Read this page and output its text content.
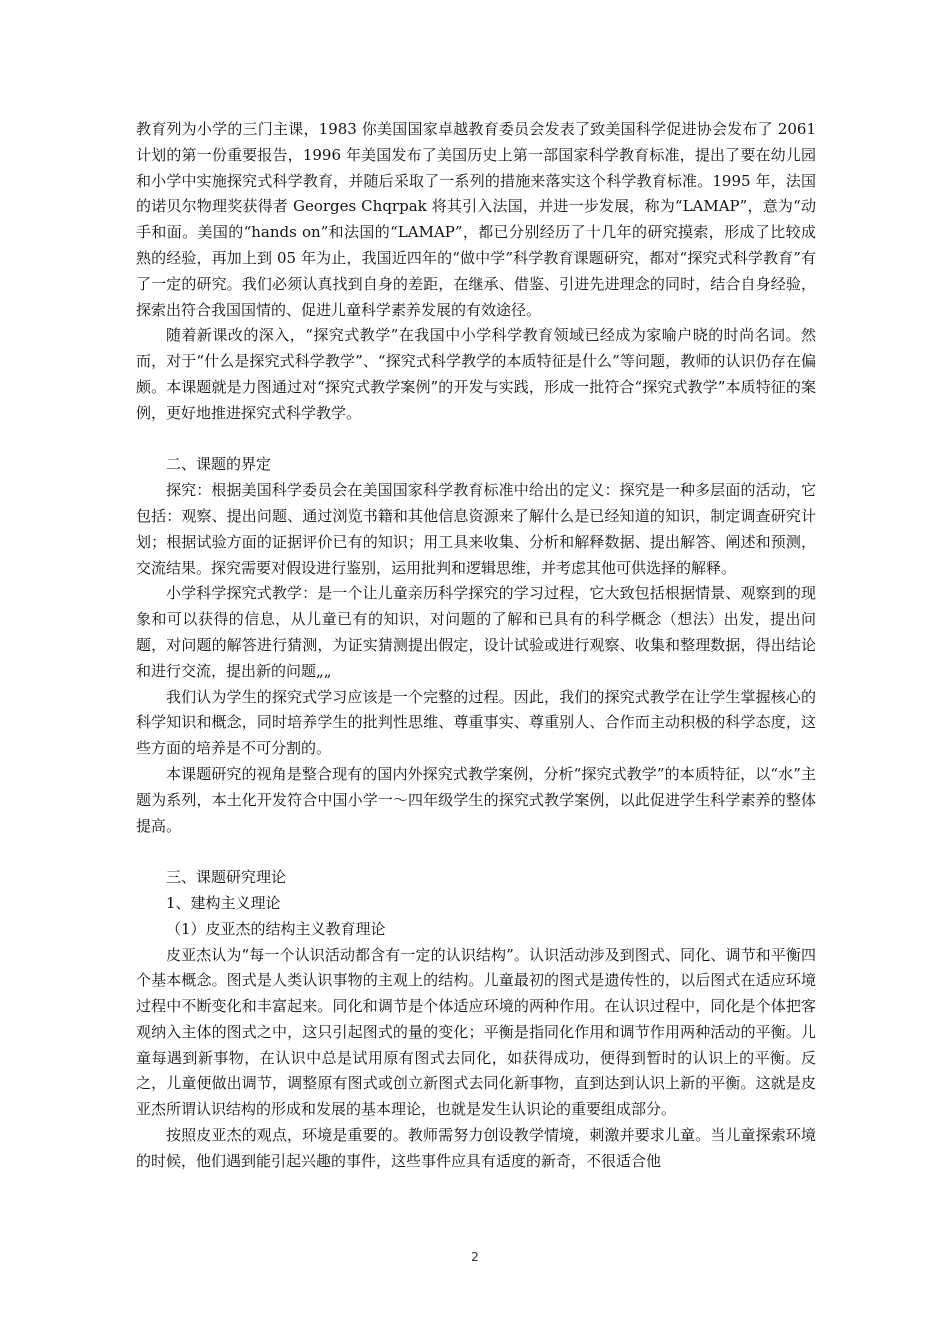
教育列为小学的三门主课，1983 你美国国家卓越教育委员会发表了致美国科学促进协会发布了 2061 计划的第一份重要报告，1996 年美国发布了美国历史上第一部国家科学教育标准，提出了要在幼儿园和小学中实施探究式科学教育，并随后采取了一系列的措施来落实这个科学教育标准。1995 年，法国的诺贝尔物理奖获得者 Georges Chqrpak 将其引入法国，并进一步发展，称为“LAMAP”，意为“动手和面。美国的“hands on”和法国的“LAMAP”，都已分别经历了十几年的研究摸索，形成了比较成熟的经验，再加上到 05 年为止，我国近四年的“做中学”科学教育课题研究，都对“探究式科学教育”有了一定的研究。我们必须认真找到自身的差距，在继承、借鉴、引进先进理念的同时，结合自身经验，探索出符合我国国情的、促进儿童科学素养发展的有效途径。

随着新课改的深入，“探究式教学”在我国中小学科学教育领域已经成为家喻户晓的时尚名词。然而，对于“什么是探究式科学教学”、“探究式科学教学的本质特征是什么”等问题，教师的认识仍存在偏颇。本课题就是力图通过对“探究式教学案例”的开发与实践，形成一批符合“探究式教学”本质特征的案例，更好地推进探究式科学教学。

二、课题的界定

探究：根据美国科学委员会在美国国家科学教育标准中给出的定义：探究是一种多层面的活动，它包括：观察、提出问题、通过浏览书籍和其他信息资源来了解什么是已经知道的知识，制定调查研究计划；根据试验方面的证据评价已有的知识；用工具来收集、分析和解释数据、提出解答、阐述和预测，交流结果。探究需要对假设进行鉴别，运用批判和逻辑思维，并考虑其他可供选择的解释。

小学科学探究式教学：是一个让儿童亲历科学探究的学习过程，它大致包括根据情景、观察到的现象和可以获得的信息，从儿童已有的知识，对问题的了解和已具有的科学概念（想法）出发，提出问题，对问题的解答进行猜测，为证实猜测提出假定，设计试验或进行观察、收集和整理数据，得出结论和进行交流，提出新的问题„„

我们认为学生的探究式学习应该是一个完整的过程。因此，我们的探究式教学在让学生掌握核心的科学知识和概念，同时培养学生的批判性思维、尊重事实、尊重别人、合作而主动积极的科学态度，这些方面的培养是不可分割的。

本课题研究的视角是整合现有的国内外探究式教学案例，分析“探究式教学”的本质特征，以“水”主题为系列，本土化开发符合中国小学一～四年级学生的探究式教学案例，以此促进学生科学素养的整体提高。

三、课题研究理论

1、建构主义理论

（1）皮亚杰的结构主义教育理论

皮亚杰认为“每一个认识活动都含有一定的认识结构”。认识活动涉及到图式、同化、调节和平衡四个基本概念。图式是人类认识事物的主观上的结构。儿童最初的图式是遗传性的，以后图式在适应环境过程中不断变化和丰富起来。同化和调节是个体适应环境的两种作用。在认识过程中，同化是个体把客观纳入主体的图式之中，这只引起图式的量的变化；平衡是指同化作用和调节作用两种活动的平衡。儿童每遇到新事物，在认识中总是试用原有图式去同化，如获得成功，便得到暂时的认识上的平衡。反之，儿童便做出调节，调整原有图式或创立新图式去同化新事物，直到达到认识上新的平衡。这就是皮亚杰所谓认识结构的形成和发展的基本理论，也就是发生认识论的重要组成部分。

按照皮亚杰的观点，环境是重要的。教师需努力创设教学情境，刺激并要求儿童。当儿童探索环境的时候，他们遇到能引起兴趣的事件，这些事件应具有适度的新奇，不很适合他

2
